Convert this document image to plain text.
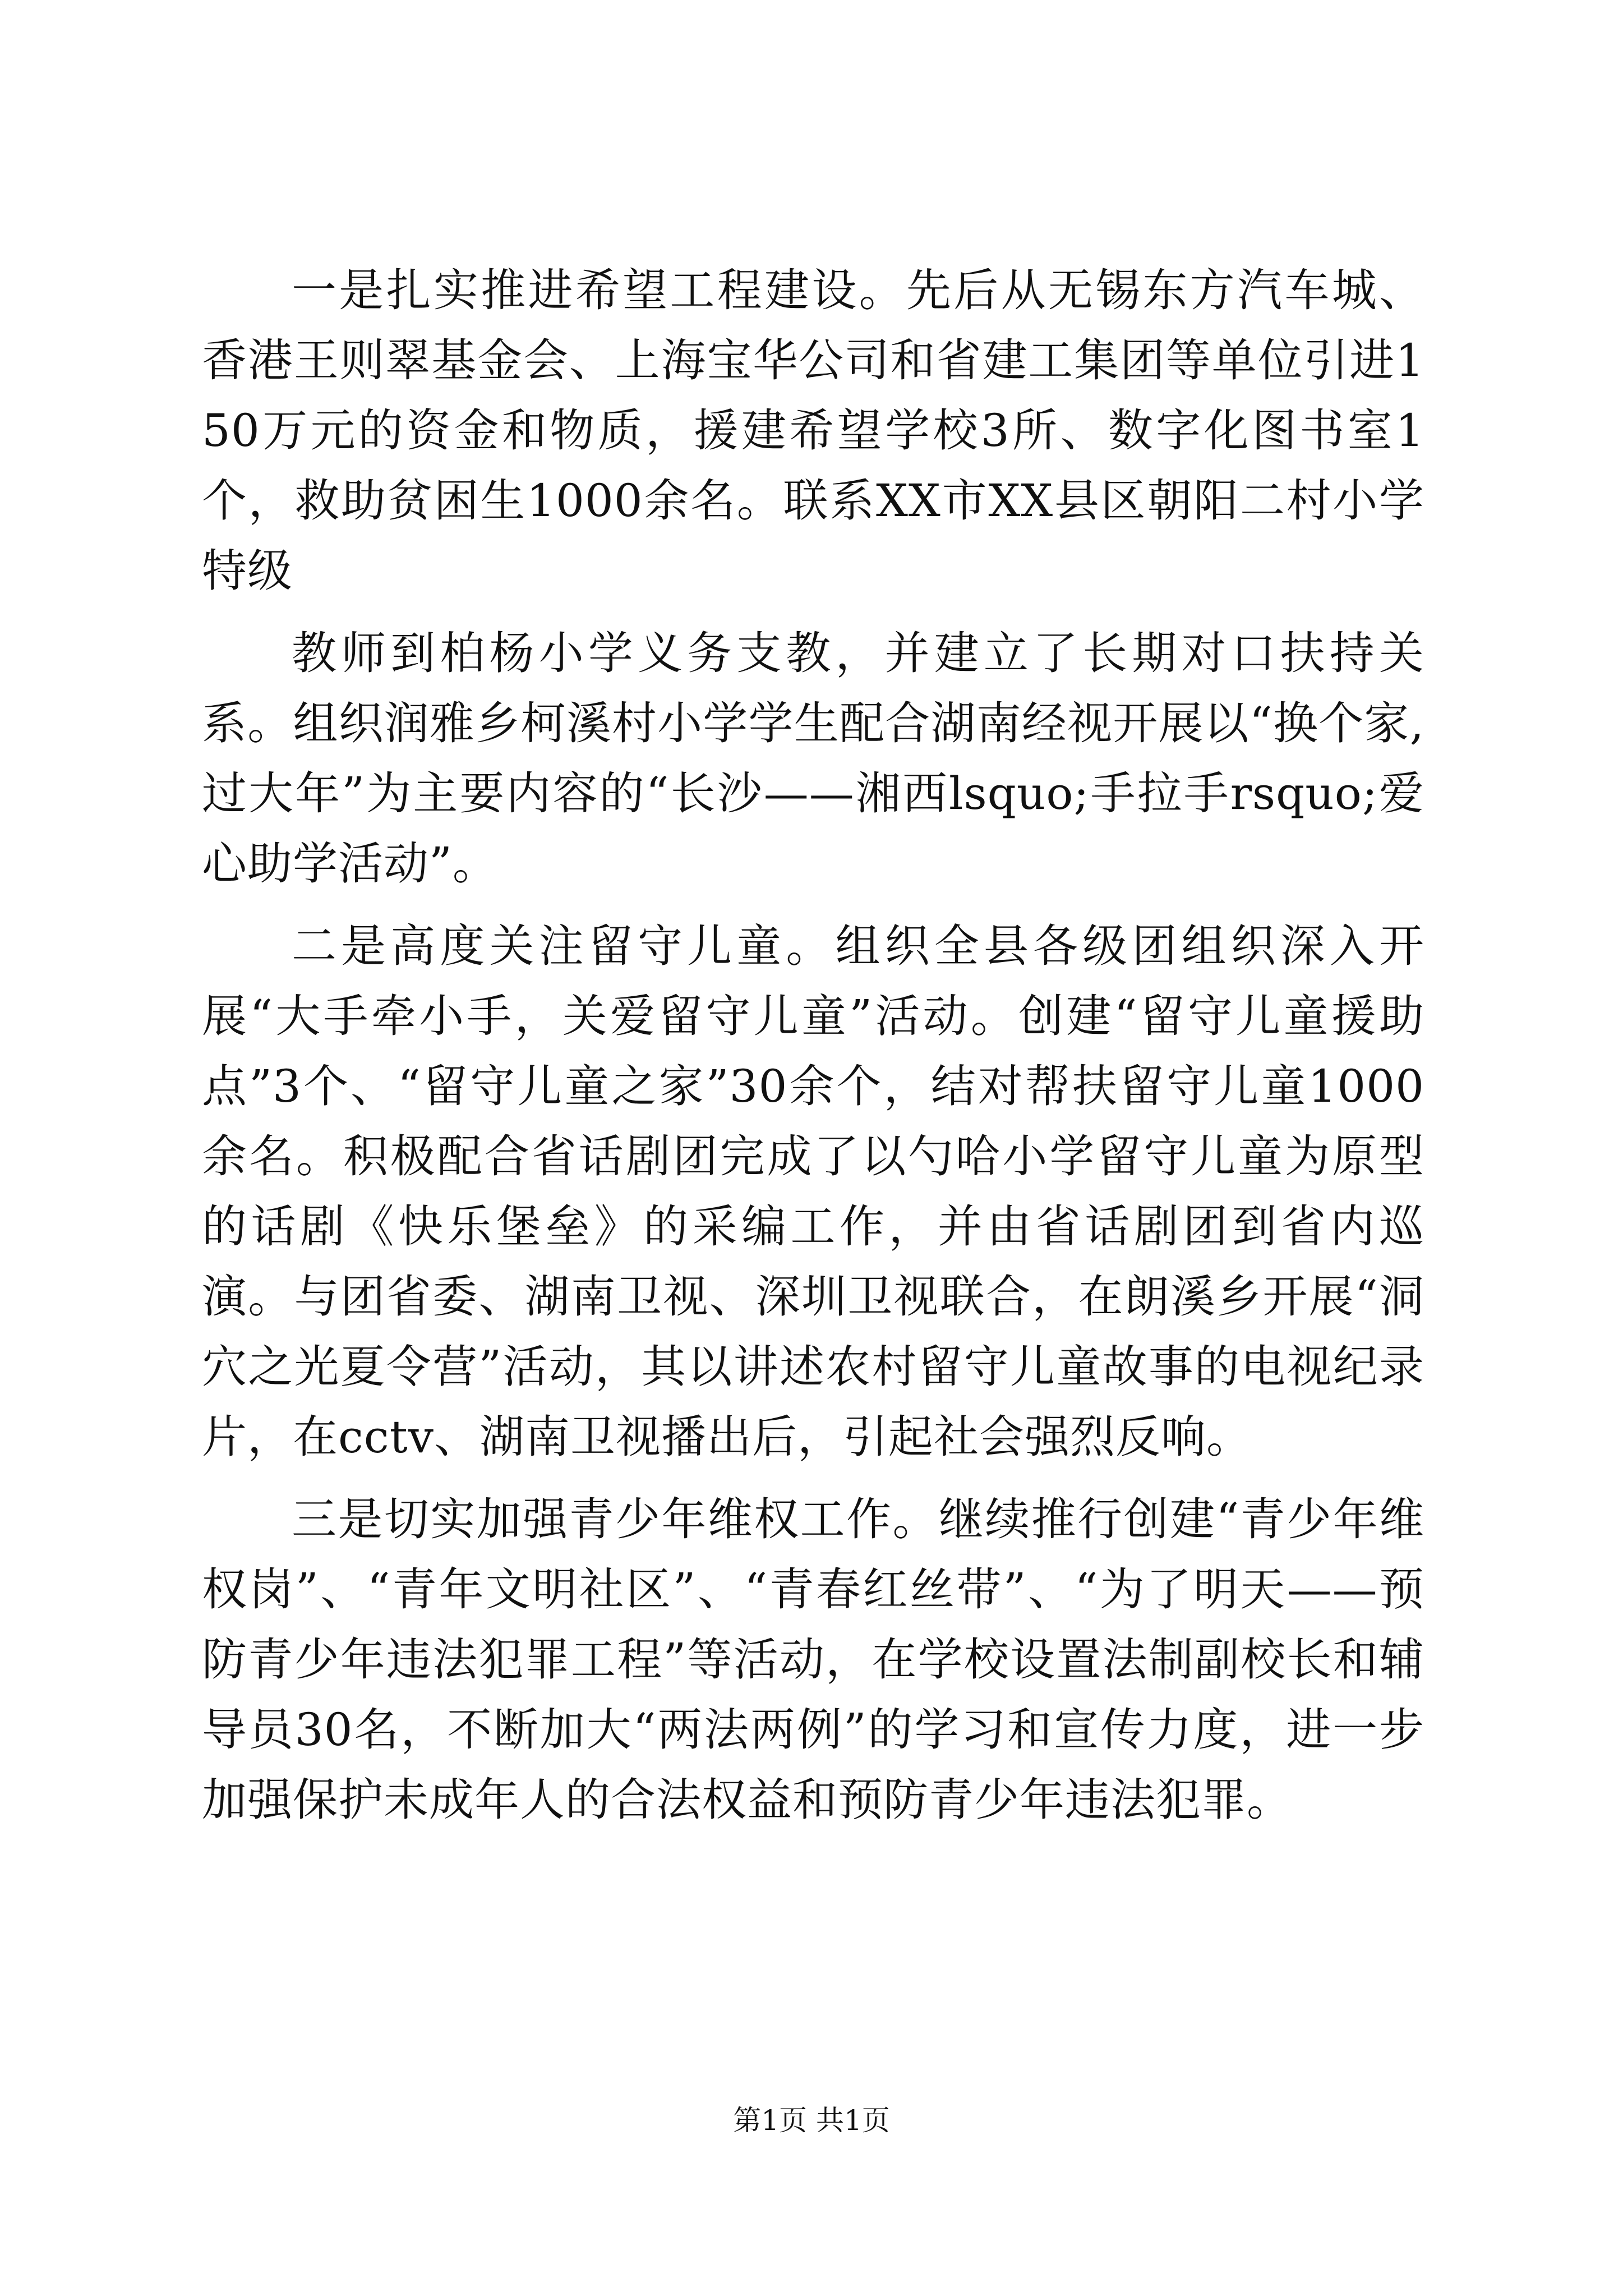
一是扎实推进希望工程建设。先后从无锡东方汽车城、香港王则翠基金会、上海宝华公司和省建工集团等单位引进150万元的资金和物质，援建希望学校3所、数字化图书室1个，救助贫困生1000余名。联系XX市XX县区朝阳二村小学特级

教师到柏杨小学义务支教，并建立了长期对口扶持关系。组织润雅乡柯溪村小学学生配合湖南经视开展以“换个家,过大年”为主要内容的“长沙——湘西lsquo;手拉手rsquo;爱心助学活动”。

二是高度关注留守儿童。组织全县各级团组织深入开展“大手牵小手，关爱留守儿童”活动。创建“留守儿童援助点”3个、“留守儿童之家”30余个，结对帮扶留守儿童1000余名。积极配合省话剧团完成了以勺哈小学留守儿童为原型的话剧《快乐堡垒》的采编工作，并由省话剧团到省内巡演。与团省委、湖南卫视、深圳卫视联合，在朗溪乡开展“洞穴之光夏令营”活动，其以讲述农村留守儿童故事的电视纪录片，在cctv、湖南卫视播出后，引起社会强烈反响。

三是切实加强青少年维权工作。继续推行创建“青少年维权岗”、“青年文明社区”、“青春红丝带”、“为了明天——预防青少年违法犯罪工程”等活动，在学校设置法制副校长和辅导员30名，不断加大“两法两例”的学习和宣传力度，进一步加强保护未成年人的合法权益和预防青少年违法犯罪。

第1页 共1页
